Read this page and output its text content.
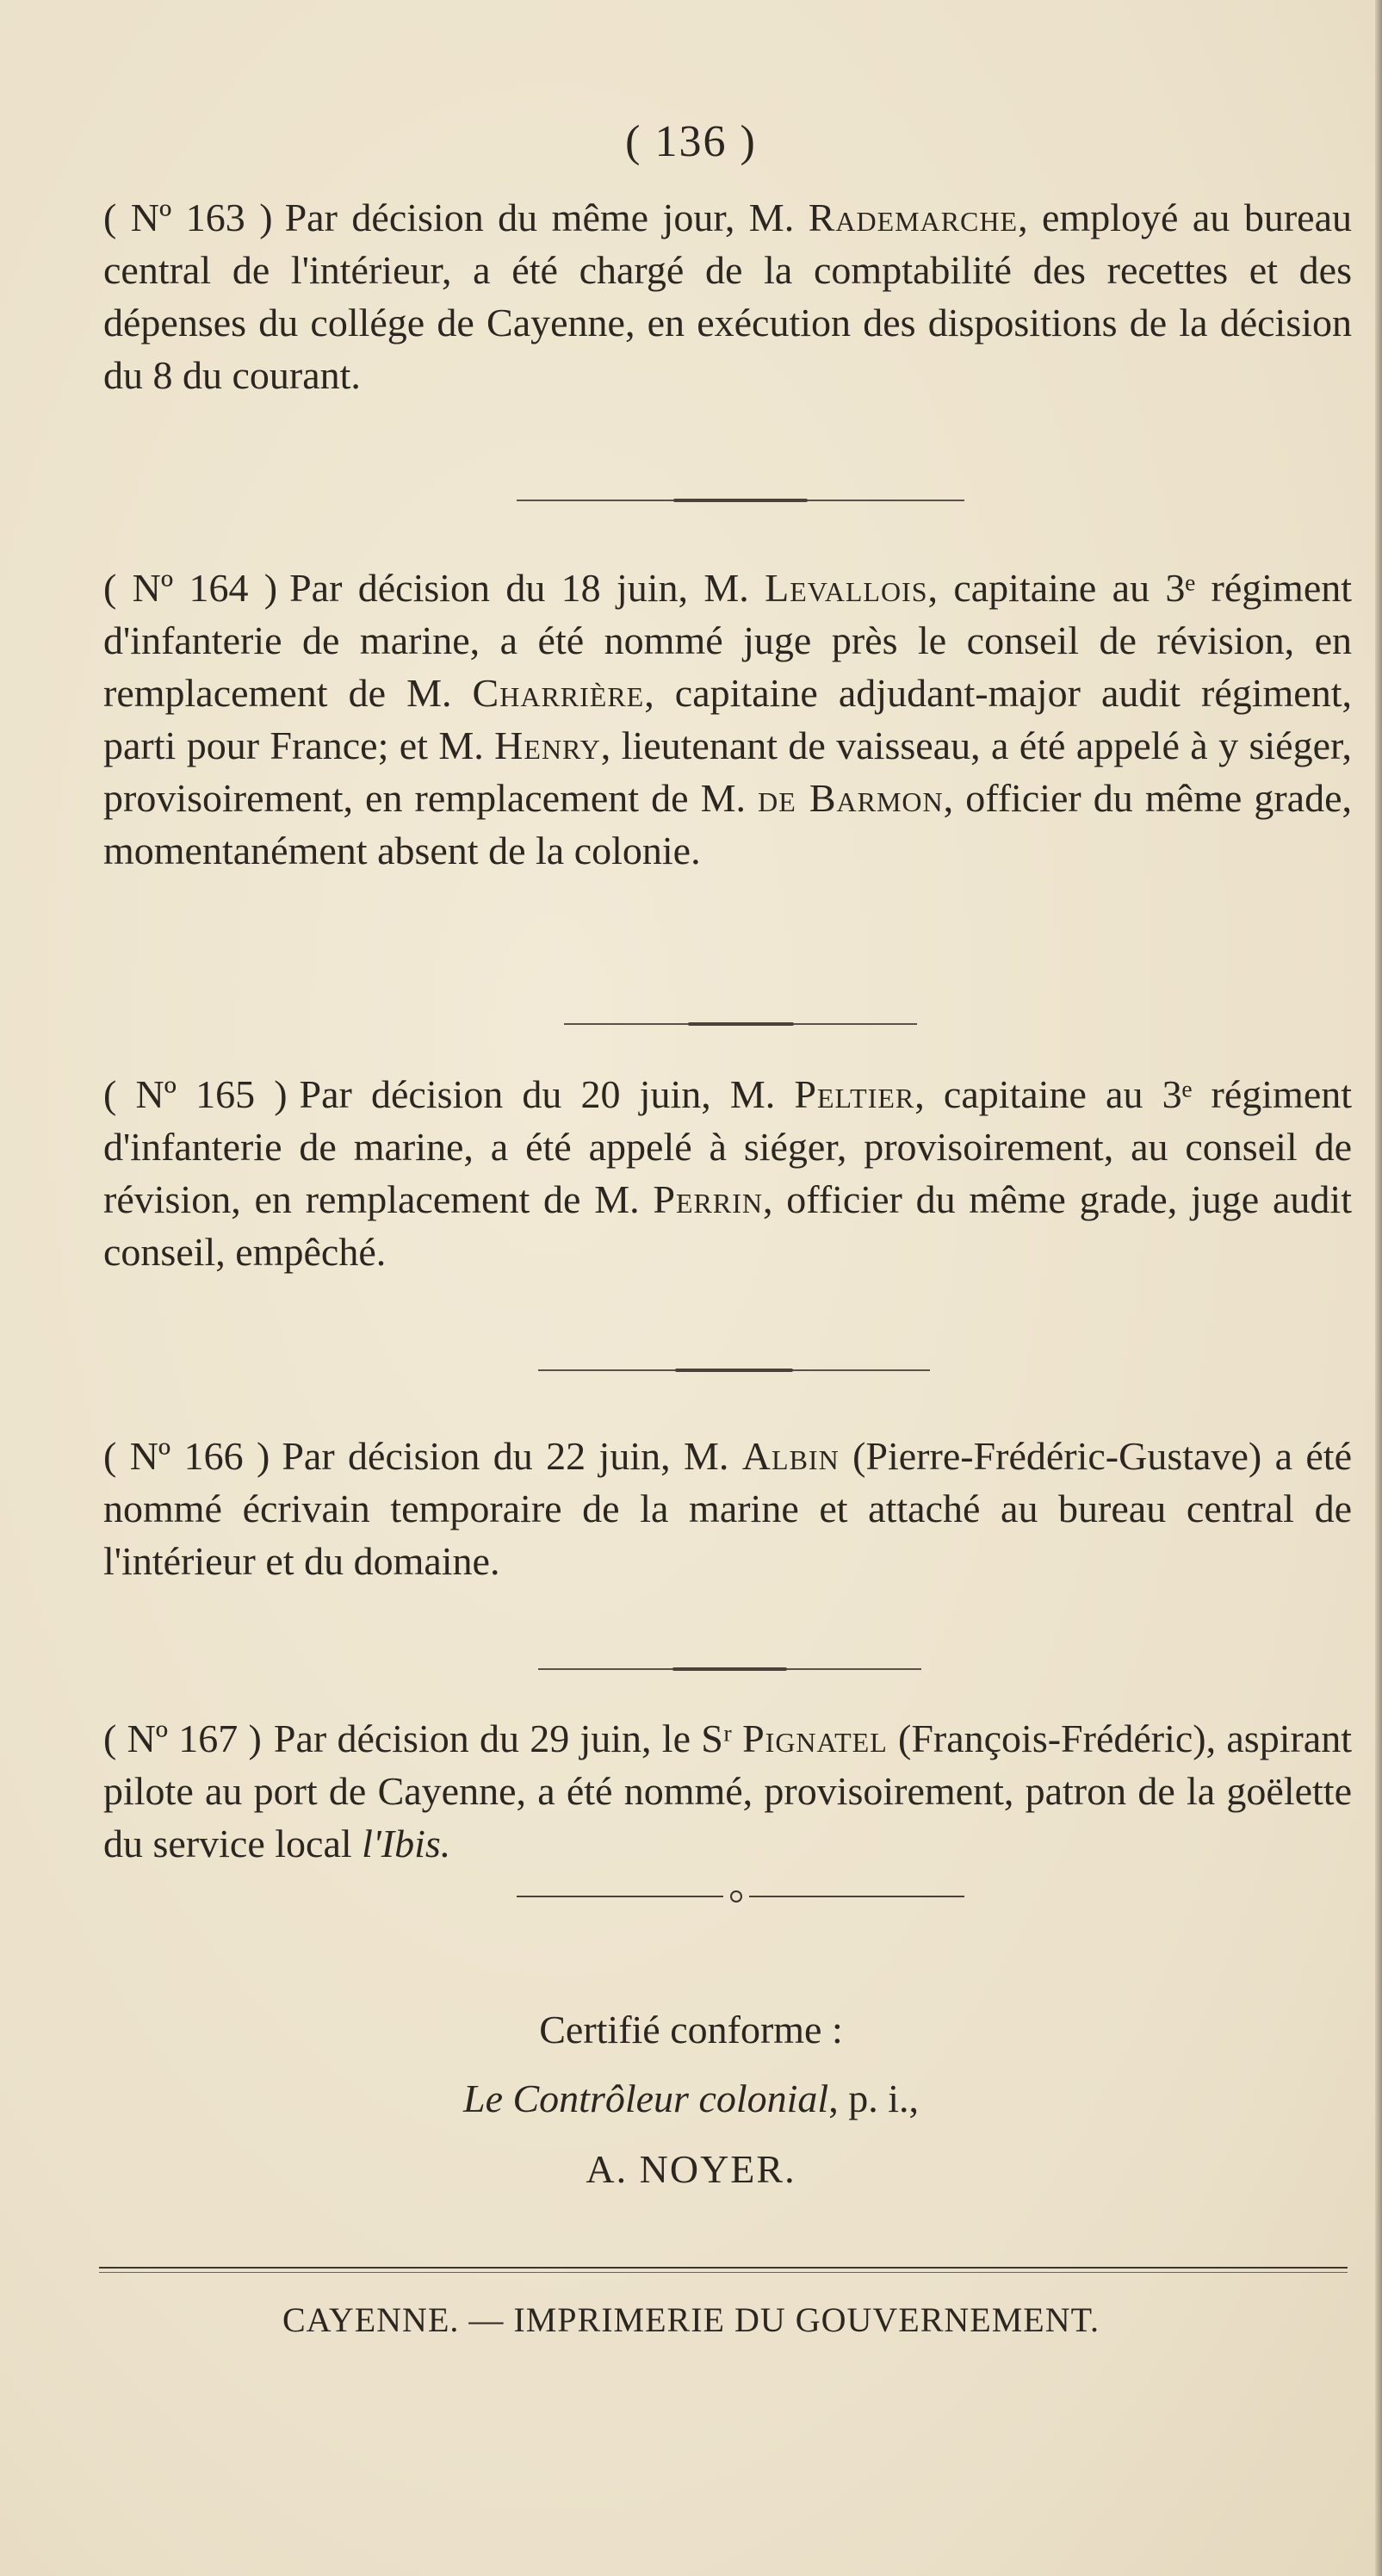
( 136 )
( Nº 163 ) Par décision du même jour, M. Rademarche, employé au bureau central de l'intérieur, a été chargé de la comptabilité des recettes et des dépenses du collége de Cayenne, en exécution des dispositions de la décision du 8 du courant.
( Nº 164 ) Par décision du 18 juin, M. Levallois, capitaine au 3ᵉ régiment d'infanterie de marine, a été nommé juge près le conseil de révision, en remplacement de M. Charrière, capitaine adjudant-major audit régiment, parti pour France; et M. Henry, lieutenant de vaisseau, a été appelé à y siéger, provisoirement, en remplacement de M. de Barmon, officier du même grade, momentanément absent de la colonie.
( Nº 165 ) Par décision du 20 juin, M. Peltier, capitaine au 3ᵉ régiment d'infanterie de marine, a été appelé à siéger, provisoirement, au conseil de révision, en remplacement de M. Perrin, officier du même grade, juge audit conseil, empêché.
( Nº 166 ) Par décision du 22 juin, M. Albin (Pierre-Frédéric-Gustave) a été nommé écrivain temporaire de la marine et attaché au bureau central de l'intérieur et du domaine.
( Nº 167 ) Par décision du 29 juin, le Sʳ Pignatel (François-Frédéric), aspirant pilote au port de Cayenne, a été nommé, provisoirement, patron de la goëlette du service local l'Ibis.
Certifié conforme :
Le Contrôleur colonial, p. i.,
A. NOYER.
CAYENNE. — IMPRIMERIE DU GOUVERNEMENT.
